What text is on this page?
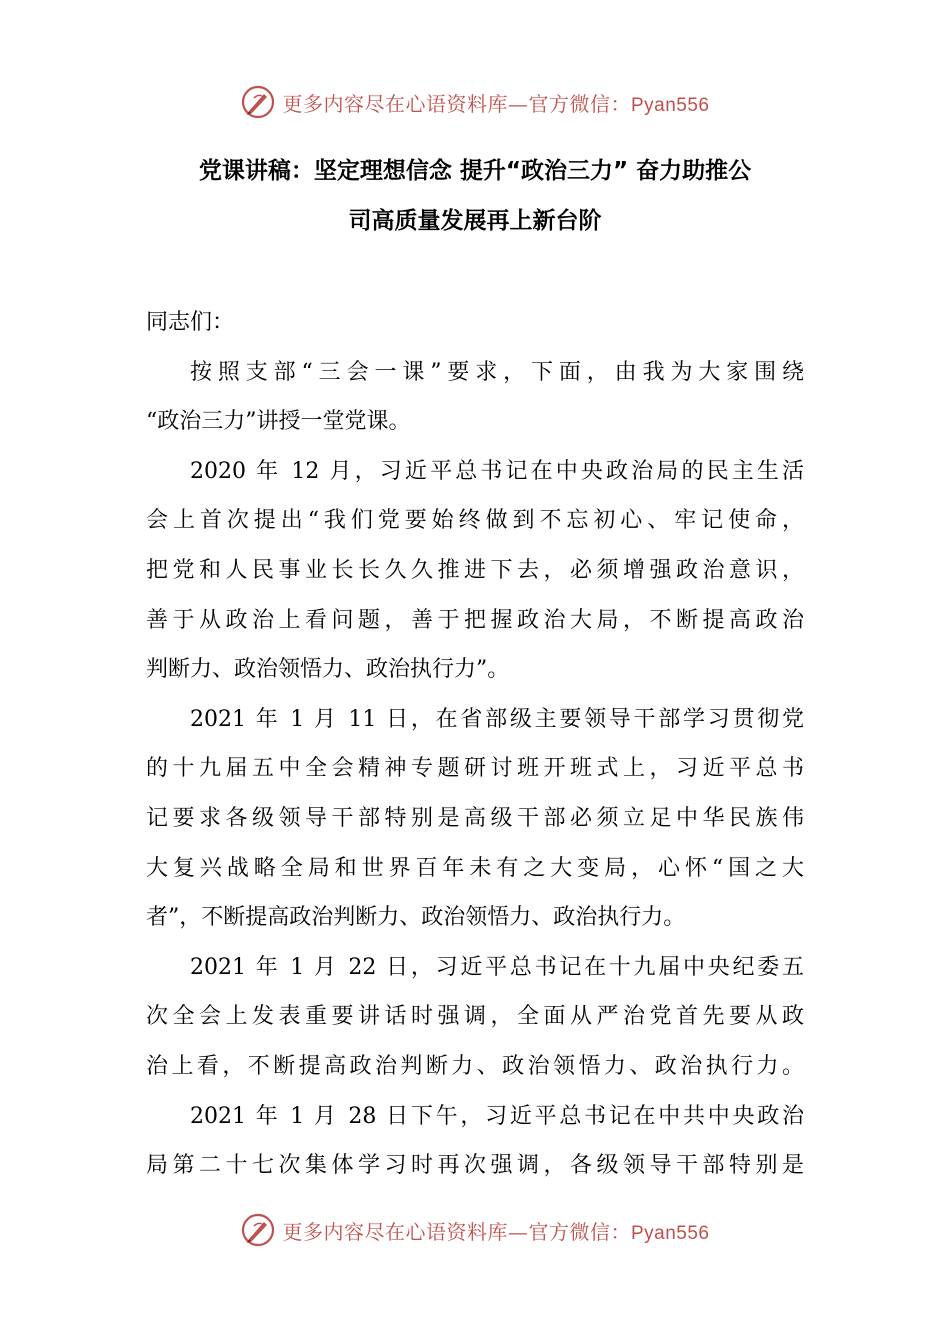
更多内容尽在心语资料库—官方微信：Pyan556
党课讲稿：坚定理想信念 提升“政治三力” 奋力助推公
司高质量发展再上新台阶

同志们：

按照支部“三会一课”要求，下面，由我为大家围绕
“政治三力”讲授一堂党课。

2020 年 12 月，习近平总书记在中央政治局的民主生活
会上首次提出“我们党要始终做到不忘初心、牢记使命，
把党和人民事业长长久久推进下去，必须增强政治意识，
善于从政治上看问题，善于把握政治大局，不断提高政治
判断力、政治领悟力、政治执行力”。

2021 年 1 月 11 日，在省部级主要领导干部学习贯彻党
的十九届五中全会精神专题研讨班开班式上，习近平总书
记要求各级领导干部特别是高级干部必须立足中华民族伟
大复兴战略全局和世界百年未有之大变局，心怀“国之大
者”，不断提高政治判断力、政治领悟力、政治执行力。

2021 年 1 月 22 日，习近平总书记在十九届中央纪委五
次全会上发表重要讲话时强调，全面从严治党首先要从政
治上看，不断提高政治判断力、政治领悟力、政治执行力。

2021 年 1 月 28 日下午，习近平总书记在中共中央政治
局第二十七次集体学习时再次强调，各级领导干部特别是

更多内容尽在心语资料库—官方微信：Pyan556
